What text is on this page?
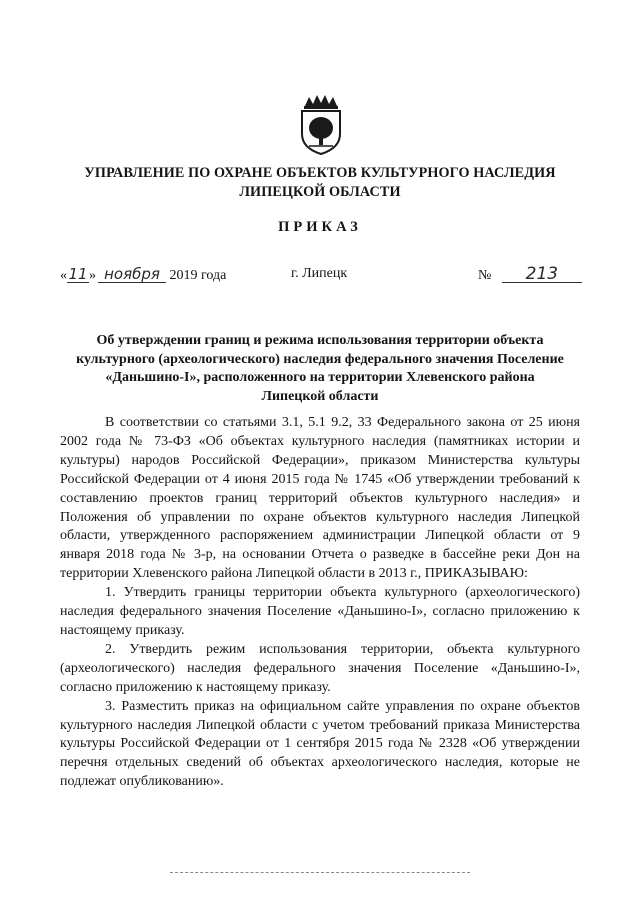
УПРАВЛЕНИЕ ПО ОХРАНЕ ОБЪЕКТОВ КУЛЬТУРНОГО НАСЛЕДИЯ
ЛИПЕЦКОЙ ОБЛАСТИ
ПРИКАЗ
«11» ноября 2019 года	г. Липецк	№ 213
Об утверждении границ и режима использования территории объекта
культурного (археологического) наследия федерального значения Поселение
«Даньшино-I», расположенного на территории Хлевенского района
Липецкой области

В соответствии со статьями 3.1, 5.1 9.2, 33 Федерального закона от 25 июня 2002 года № 73-ФЗ «Об объектах культурного наследия (памятниках истории и культуры) народов Российской Федерации», приказом Министерства культуры Российской Федерации от 4 июня 2015 года № 1745 «Об утверждении требований к составлению проектов границ территорий объектов культурного наследия» и Положения об управлении по охране объектов культурного наследия Липецкой области, утвержденного распоряжением администрации Липецкой области от 9 января 2018 года № 3-р, на основании Отчета о разведке в бассейне реки Дон на территории Хлевенского района Липецкой области в 2013 г., ПРИКАЗЫВАЮ:

1. Утвердить границы территории объекта культурного (археологического) наследия федерального значения Поселение «Даньшино-I», согласно приложению к настоящему приказу.

2. Утвердить режим использования территории, объекта культурного (археологического) наследия федерального значения Поселение «Даньшино-I», согласно приложению к настоящему приказу.

3. Разместить приказ на официальном сайте управления по охране объектов культурного наследия Липецкой области с учетом требований приказа Министерства культуры Российской Федерации от 1 сентября 2015 года № 2328 «Об утверждении перечня отдельных сведений об объектах археологического наследия, которые не подлежат опубликованию».
